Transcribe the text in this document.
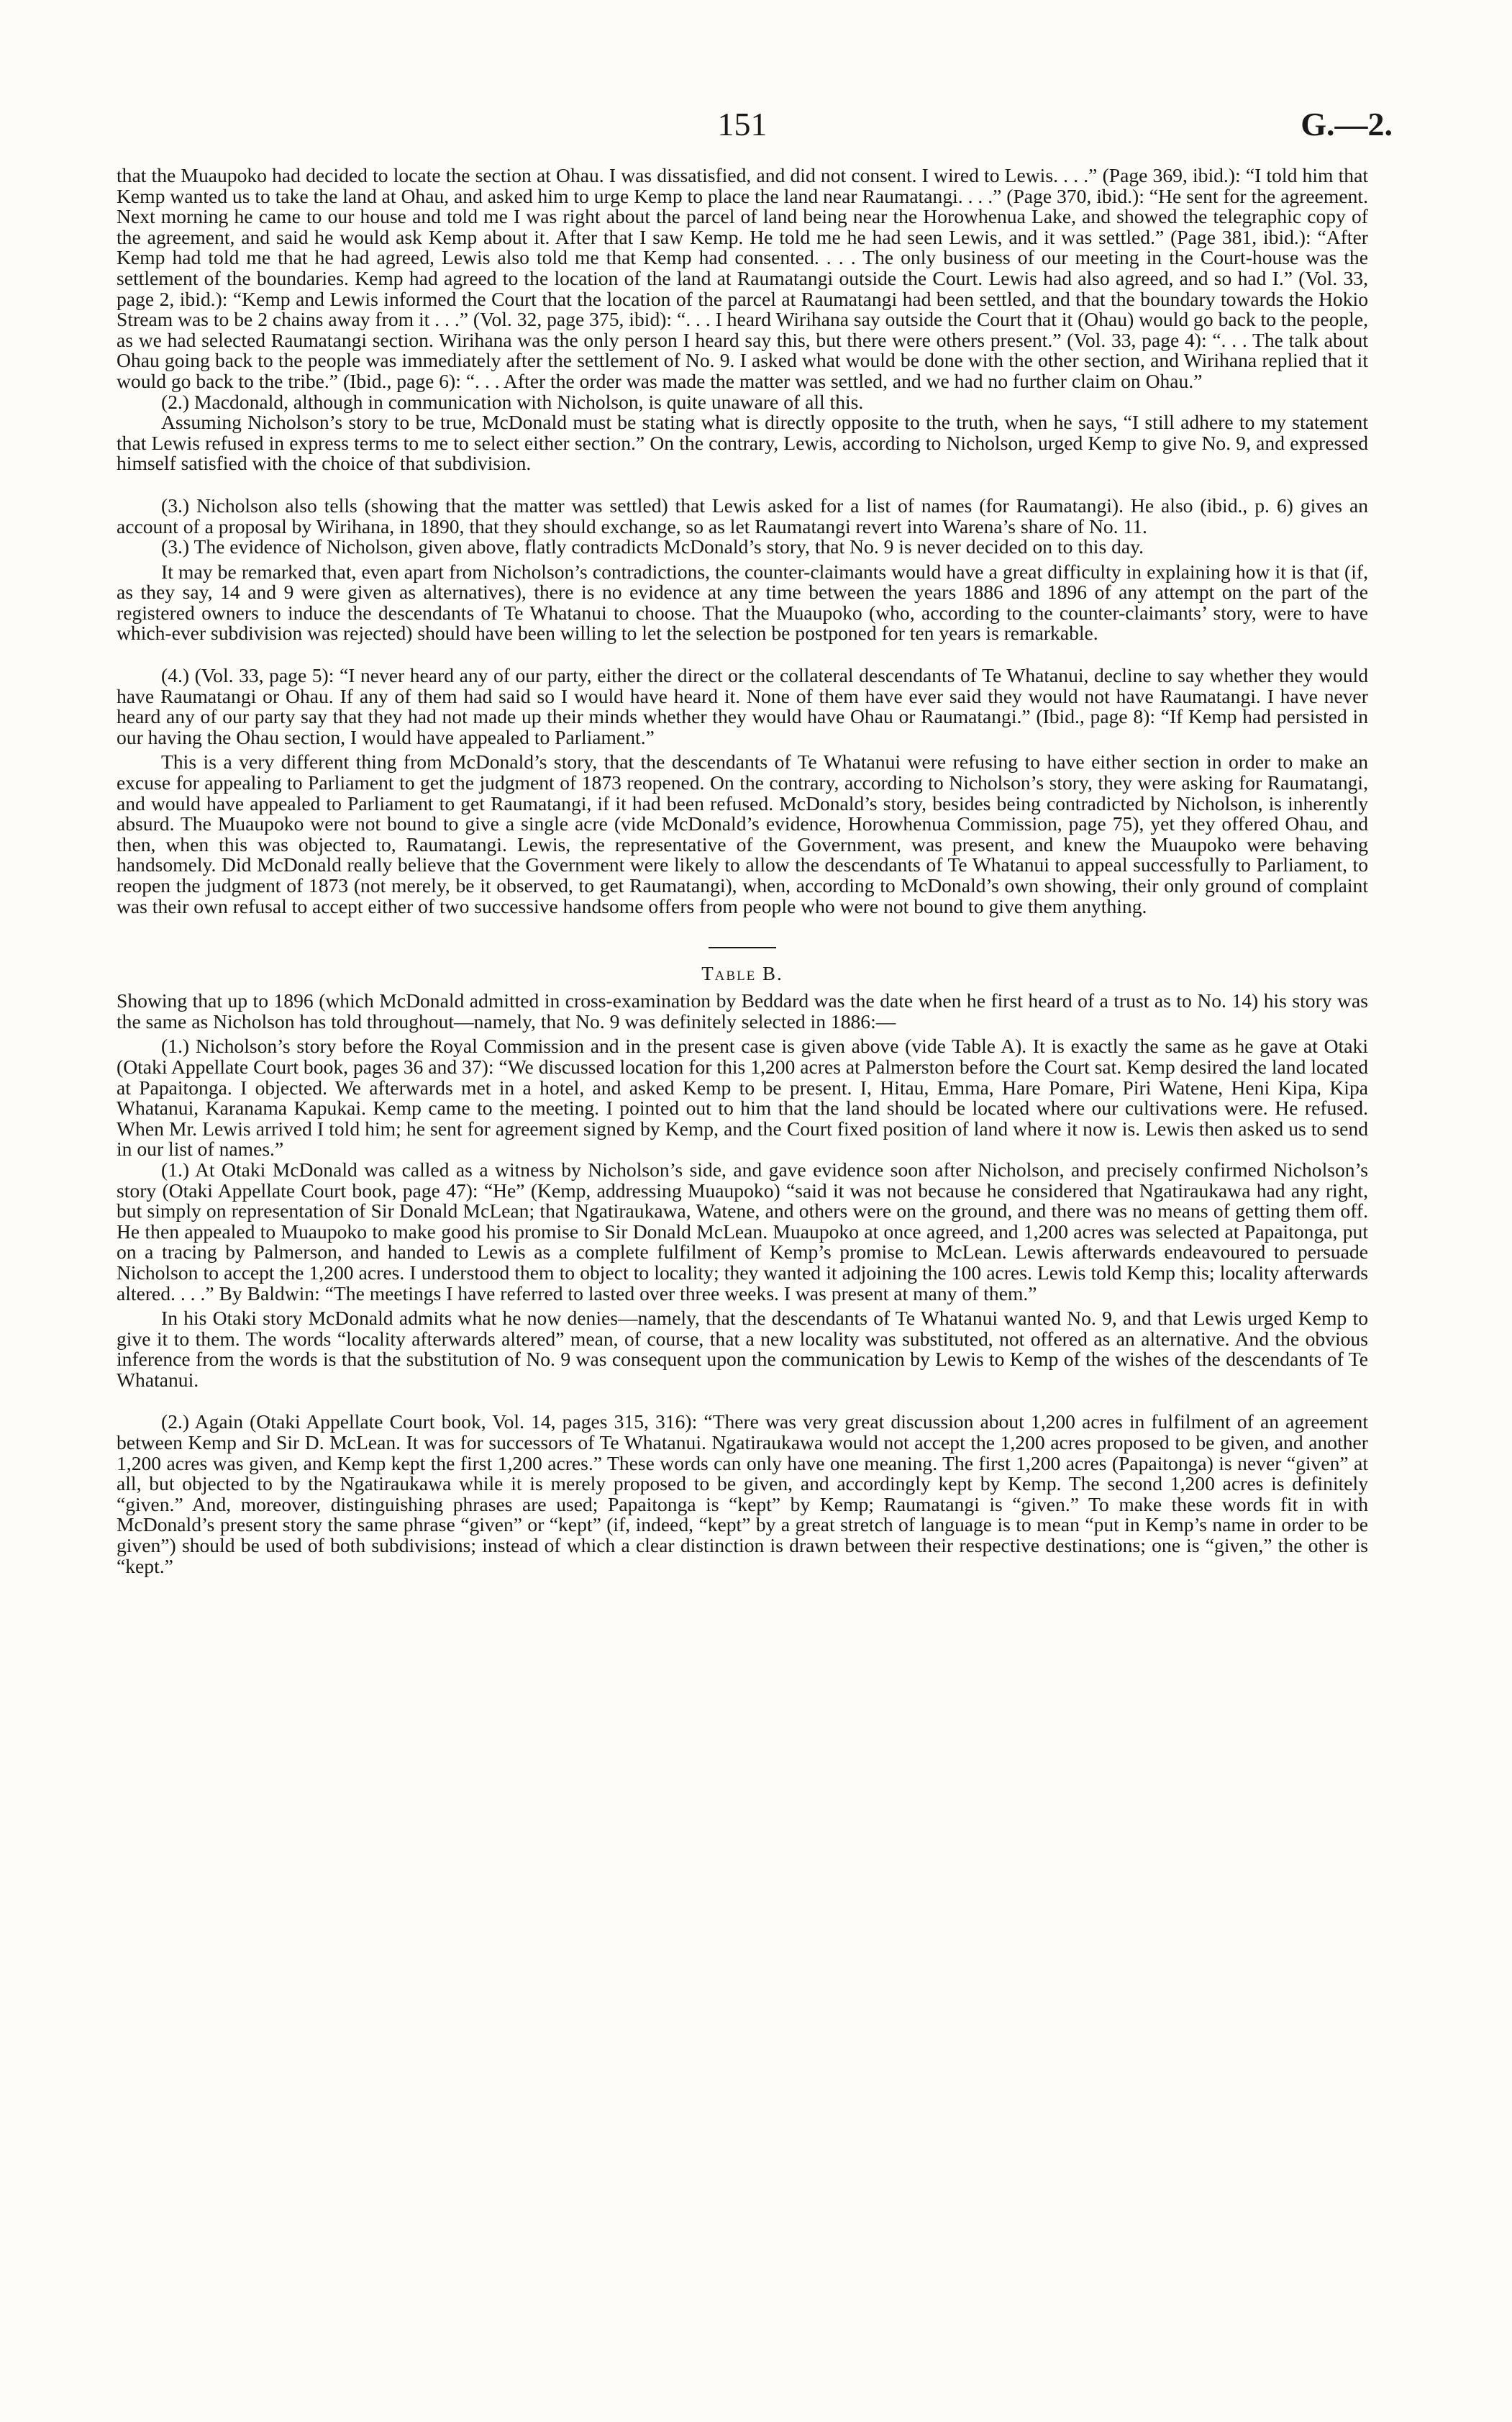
151	G.—2.

that the Muaupoko had decided to locate the section at Ohau. I was dissatisfied, and did not consent. I wired to Lewis. . . .” (Page 369, ibid.): “I told him that Kemp wanted us to take the land at Ohau, and asked him to urge Kemp to place the land near Raumatangi. . . .” (Page 370, ibid.): “He sent for the agreement. Next morning he came to our house and told me I was right about the parcel of land being near the Horowhenua Lake, and showed the telegraphic copy of the agreement, and said he would ask Kemp about it. After that I saw Kemp. He told me he had seen Lewis, and it was settled.” (Page 381, ibid.): “After Kemp had told me that he had agreed, Lewis also told me that Kemp had consented. . . . The only business of our meeting in the Court-house was the settlement of the boundaries. Kemp had agreed to the location of the land at Raumatangi outside the Court. Lewis had also agreed, and so had I.” (Vol. 33, page 2, ibid.): “Kemp and Lewis informed the Court that the location of the parcel at Raumatangi had been settled, and that the boundary towards the Hokio Stream was to be 2 chains away from it . . .” (Vol. 32, page 375, ibid): “. . . I heard Wirihana say outside the Court that it (Ohau) would go back to the people, as we had selected Raumatangi section. Wirihana was the only person I heard say this, but there were others present.” (Vol. 33, page 4): “. . . The talk about Ohau going back to the people was immediately after the settlement of No. 9. I asked what would be done with the other section, and Wirihana replied that it would go back to the tribe.” (Ibid., page 6): “. . . After the order was made the matter was settled, and we had no further claim on Ohau.”

(2.) Macdonald, although in communication with Nicholson, is quite unaware of all this.

Assuming Nicholson’s story to be true, McDonald must be stating what is directly opposite to the truth, when he says, “I still adhere to my statement that Lewis refused in express terms to me to select either section.” On the contrary, Lewis, according to Nicholson, urged Kemp to give No. 9, and expressed himself satisfied with the choice of that subdivision.

(3.) Nicholson also tells (showing that the matter was settled) that Lewis asked for a list of names (for Raumatangi). He also (ibid., p. 6) gives an account of a proposal by Wirihana, in 1890, that they should exchange, so as let Raumatangi revert into Warena’s share of No. 11.

(3.) The evidence of Nicholson, given above, flatly contradicts McDonald’s story, that No. 9 is never decided on to this day.

It may be remarked that, even apart from Nicholson’s contradictions, the counter-claimants would have a great difficulty in explaining how it is that (if, as they say, 14 and 9 were given as alternatives), there is no evidence at any time between the years 1886 and 1896 of any attempt on the part of the registered owners to induce the descendants of Te Whatanui to choose. That the Muaupoko (who, according to the counter-claimants’ story, were to have which-ever subdivision was rejected) should have been willing to let the selection be postponed for ten years is remarkable.

(4.) (Vol. 33, page 5): “I never heard any of our party, either the direct or the collateral descendants of Te Whatanui, decline to say whether they would have Raumatangi or Ohau. If any of them had said so I would have heard it. None of them have ever said they would not have Raumatangi. I have never heard any of our party say that they had not made up their minds whether they would have Ohau or Raumatangi.” (Ibid., page 8): “If Kemp had persisted in our having the Ohau section, I would have appealed to Parliament.”

This is a very different thing from McDonald’s story, that the descendants of Te Whatanui were refusing to have either section in order to make an excuse for appealing to Parliament to get the judgment of 1873 reopened. On the contrary, according to Nicholson’s story, they were asking for Raumatangi, and would have appealed to Parliament to get Raumatangi, if it had been refused. McDonald’s story, besides being contradicted by Nicholson, is inherently absurd. The Muaupoko were not bound to give a single acre (vide McDonald’s evidence, Horowhenua Commission, page 75), yet they offered Ohau, and then, when this was objected to, Raumatangi. Lewis, the representative of the Government, was present, and knew the Muaupoko were behaving handsomely. Did McDonald really believe that the Government were likely to allow the descendants of Te Whatanui to appeal successfully to Parliament, to reopen the judgment of 1873 (not merely, be it observed, to get Raumatangi), when, according to McDonald’s own showing, their only ground of complaint was their own refusal to accept either of two successive handsome offers from people who were not bound to give them anything.

Table B.

Showing that up to 1896 (which McDonald admitted in cross-examination by Beddard was the date when he first heard of a trust as to No. 14) his story was the same as Nicholson has told throughout—namely, that No. 9 was definitely selected in 1886:—

(1.) Nicholson’s story before the Royal Commission and in the present case is given above (vide Table A). It is exactly the same as he gave at Otaki (Otaki Appellate Court book, pages 36 and 37): “We discussed location for this 1,200 acres at Palmerston before the Court sat. Kemp desired the land located at Papaitonga. I objected. We afterwards met in a hotel, and asked Kemp to be present. I, Hitau, Emma, Hare Pomare, Piri Watene, Heni Kipa, Kipa Whatanui, Karanama Kapukai. Kemp came to the meeting. I pointed out to him that the land should be located where our cultivations were. He refused. When Mr. Lewis arrived I told him; he sent for agreement signed by Kemp, and the Court fixed position of land where it now is. Lewis then asked us to send in our list of names.”

(1.) At Otaki McDonald was called as a witness by Nicholson’s side, and gave evidence soon after Nicholson, and precisely confirmed Nicholson’s story (Otaki Appellate Court book, page 47): “He” (Kemp, addressing Muaupoko) “said it was not because he considered that Ngatiraukawa had any right, but simply on representation of Sir Donald McLean; that Ngatiraukawa, Watene, and others were on the ground, and there was no means of getting them off. He then appealed to Muaupoko to make good his promise to Sir Donald McLean. Muaupoko at once agreed, and 1,200 acres was selected at Papaitonga, put on a tracing by Palmerson, and handed to Lewis as a complete fulfilment of Kemp’s promise to McLean. Lewis afterwards endeavoured to persuade Nicholson to accept the 1,200 acres. I understood them to object to locality; they wanted it adjoining the 100 acres. Lewis told Kemp this; locality afterwards altered. . . .” By Baldwin: “The meetings I have referred to lasted over three weeks. I was present at many of them.”

In his Otaki story McDonald admits what he now denies—namely, that the descendants of Te Whatanui wanted No. 9, and that Lewis urged Kemp to give it to them. The words “locality afterwards altered” mean, of course, that a new locality was substituted, not offered as an alternative. And the obvious inference from the words is that the substitution of No. 9 was consequent upon the communication by Lewis to Kemp of the wishes of the descendants of Te Whatanui.

(2.) Again (Otaki Appellate Court book, Vol. 14, pages 315, 316): “There was very great discussion about 1,200 acres in fulfilment of an agreement between Kemp and Sir D. McLean. It was for successors of Te Whatanui. Ngatiraukawa would not accept the 1,200 acres proposed to be given, and another 1,200 acres was given, and Kemp kept the first 1,200 acres.” These words can only have one meaning. The first 1,200 acres (Papaitonga) is never “given” at all, but objected to by the Ngatiraukawa while it is merely proposed to be given, and accordingly kept by Kemp. The second 1,200 acres is definitely “given.” And, moreover, distinguishing phrases are used; Papaitonga is “kept” by Kemp; Raumatangi is “given.” To make these words fit in with McDonald’s present story the same phrase “given” or “kept” (if, indeed, “kept” by a great stretch of language is to mean “put in Kemp’s name in order to be given”) should be used of both subdivisions; instead of which a clear distinction is drawn between their respective destinations; one is “given,” the other is “kept.”
